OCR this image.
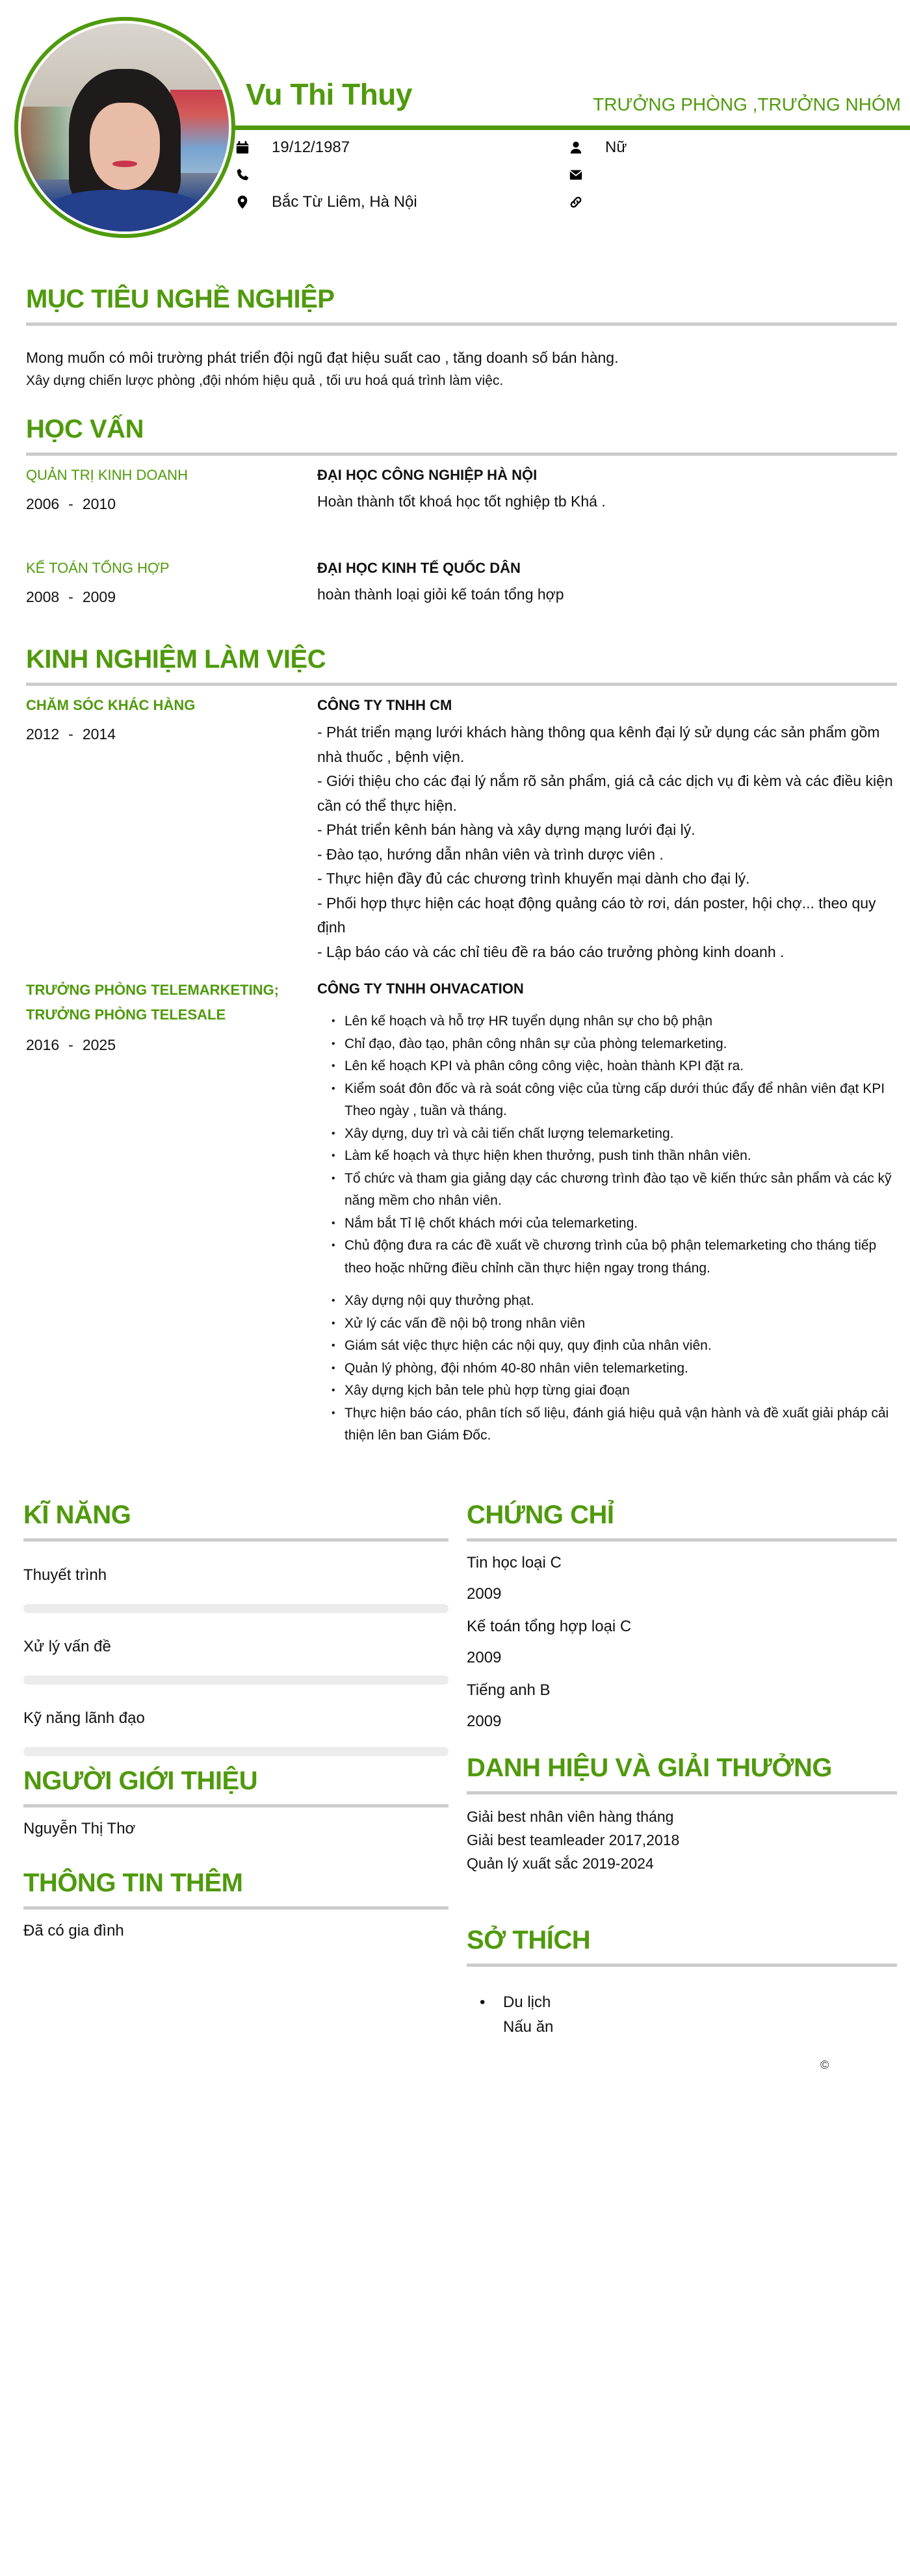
Vu Thi Thuy	TRƯỞNG PHÒNG ,TRƯỞNG NHÓM
19/12/1987
Bắc Từ Liêm, Hà Nội
Nữ
MỤC TIÊU NGHỀ NGHIỆP

Mong muốn có môi trường phát triển đội ngũ đạt hiệu suất cao , tăng doanh số bán hàng.

Xây dựng chiến lược phòng ,đội nhóm hiệu quả , tối ưu hoá quá trình làm việc.

HỌC VẤN
QUẢN TRỊ KINH DOANH
2006 - 2010
ĐẠI HỌC CÔNG NGHIỆP HÀ NỘI
Hoàn thành tốt khoá học tốt nghiệp tb Khá .
KẾ TOÁN TỔNG HỢP
2008 - 2009
ĐẠI HỌC KINH TẾ QUỐC DÂN
hoàn thành loại giỏi kế toán tổng hợp
KINH NGHIỆM LÀM VIỆC
CHĂM SÓC KHÁC HÀNG
2012 - 2014
CÔNG TY TNHH CM
- Phát triển mạng lưới khách hàng thông qua kênh đại lý sử dụng các sản phẩm gồm nhà thuốc , bệnh viện.
- Giới thiệu cho các đại lý nắm rõ sản phẩm, giá cả các dịch vụ đi kèm và các điều kiện cần có thể thực hiện.
- Phát triển kênh bán hàng và xây dựng mạng lưới đại lý.
- Đào tạo, hướng dẫn nhân viên và trình dược viên .
- Thực hiện đầy đủ các chương trình khuyến mại dành cho đại lý.
- Phối hợp thực hiện các hoạt động quảng cáo tờ rơi, dán poster, hội chợ... theo quy định
- Lập báo cáo và các chỉ tiêu đề ra báo cáo trưởng phòng kinh doanh .
TRƯỞNG PHÒNG TELEMARKETING;
TRƯỞNG PHÒNG TELESALE
2016 - 2025
CÔNG TY TNHH OHVACATION
• Lên kế hoạch và hỗ trợ HR tuyển dụng nhân sự cho bộ phận
• Chỉ đạo, đào tạo, phân công nhân sự của phòng telemarketing.
• Lên kế hoạch KPI và phân công công việc, hoàn thành KPI đặt ra.
• Kiểm soát đôn đốc và rà soát công việc của từng cấp dưới thúc đẩy để nhân viên đạt KPI Theo ngày , tuần và tháng.
• Xây dựng, duy trì và cải tiến chất lượng telemarketing.
• Làm kế hoạch và thực hiện khen thưởng, push tinh thần nhân viên.
• Tổ chức và tham gia giảng dạy các chương trình đào tạo về kiến thức sản phẩm và các kỹ năng mềm cho nhân viên.
• Nắm bắt Tỉ lệ chốt khách mới của telemarketing.
• Chủ động đưa ra các đề xuất về chương trình của bộ phận telemarketing cho tháng tiếp theo hoặc những điều chỉnh cần thực hiện ngay trong tháng.
• Xây dựng nội quy thưởng phạt.
• Xử lý các vấn đề nội bộ trong nhân viên
• Giám sát việc thực hiện các nội quy, quy định của nhân viên.
• Quản lý phòng, đội nhóm 40-80 nhân viên telemarketing.
• Xây dựng kịch bản tele phù hợp từng giai đoạn
• Thực hiện báo cáo, phân tích số liệu, đánh giá hiệu quả vận hành và đề xuất giải pháp cải thiện lên ban Giám Đốc.
KĨ NĂNG
Thuyết trình
Xử lý vấn đề
Kỹ năng lãnh đạo
CHỨNG CHỈ
Tin học loại C
2009
Kế toán tổng hợp loại C
2009
Tiếng anh B
2009
NGƯỜI GIỚI THIỆU
Nguyễn Thị Thơ
DANH HIỆU VÀ GIẢI THƯỞNG
Giải best nhân viên hàng tháng
Giải best teamleader 2017,2018
Quản lý xuất sắc 2019-2024
THÔNG TIN THÊM
Đã có gia đình	SỞ THÍCH
• Du lịch
Nấu ăn
©
